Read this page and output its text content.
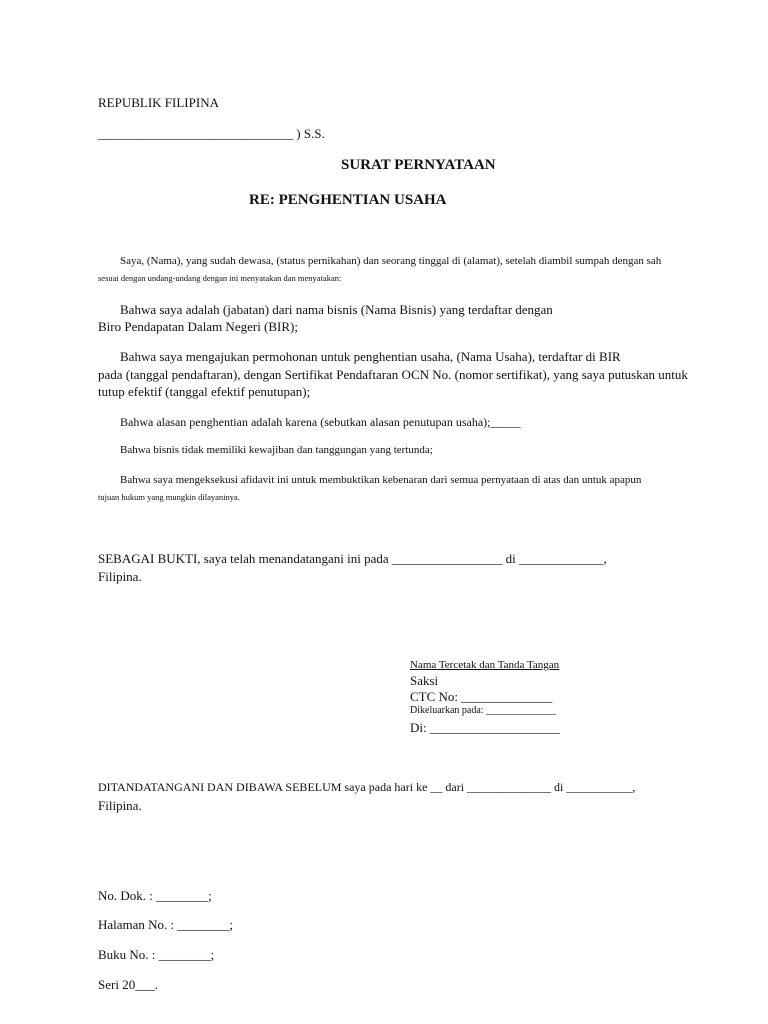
REPUBLIK FILIPINA

______________________________ ) S.S.

SURAT PERNYATAAN

RE: PENGHENTIAN USAHA

Saya, (Nama), yang sudah dewasa, (status pernikahan) dan seorang tinggal di (alamat), setelah diambil sumpah dengan sah

sesuai dengan undang-undang dengan ini menyatakan dan menyatakan:

Bahwa saya adalah (jabatan) dari nama bisnis (Nama Bisnis) yang terdaftar dengan

Biro Pendapatan Dalam Negeri (BIR);

Bahwa saya mengajukan permohonan untuk penghentian usaha, (Nama Usaha), terdaftar di BIR

pada (tanggal pendaftaran), dengan Sertifikat Pendaftaran OCN No. (nomor sertifikat), yang saya putuskan untuk

tutup efektif (tanggal efektif penutupan);

Bahwa alasan penghentian adalah karena (sebutkan alasan penutupan usaha);_____

Bahwa bisnis tidak memiliki kewajiban dan tanggungan yang tertunda;

Bahwa saya mengeksekusi afidavit ini untuk membuktikan kebenaran dari semua pernyataan di atas dan untuk apapun

tujuan hukum yang mungkin dilayaninya.

SEBAGAI BUKTI, saya telah menandatangani ini pada _________________ di _____________,

Filipina.

Nama Tercetak dan Tanda Tangan

Saksi

CTC No: ______________

Dikeluarkan pada: ______________

Di: ____________________

DITANDATANGANI DAN DIBAWA SEBELUM saya pada hari ke __ dari ______________ di ___________,

Filipina.

No. Dok. : ________;

Halaman No. : ________;

Buku No. : ________;

Seri 20___.
